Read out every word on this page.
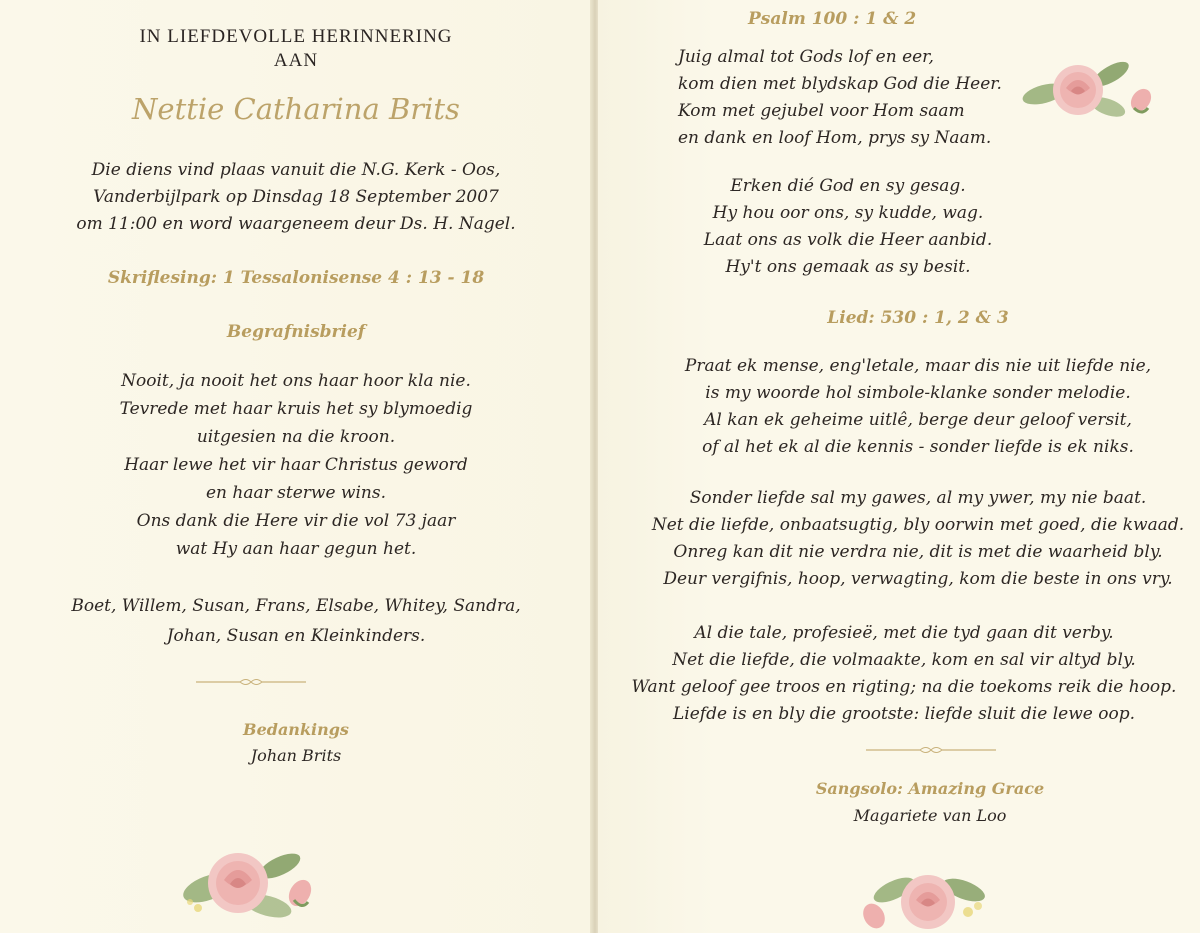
IN LIEFDEVOLLE HERINNERING
AAN
Nettie Catharina Brits
Die diens vind plaas vanuit die N.G. Kerk - Oos,
Vanderbijlpark op Dinsdag 18 September 2007
om 11:00 en word waargeneem deur Ds. H. Nagel.
Skriflesing: 1 Tessalonisense 4 : 13 - 18
Begrafnisbrief
Nooit, ja nooit het ons haar hoor kla nie.
Tevrede met haar kruis het sy blymoedig
uitgesien na die kroon.
Haar lewe het vir haar Christus geword
en haar sterwe wins.
Ons dank die Here vir die vol 73 jaar
wat Hy aan haar gegun het.
Boet, Willem, Susan, Frans, Elsabe, Whitey, Sandra,
Johan, Susan en Kleinkinders.
Bedankings
Johan Brits
Psalm 100 : 1 & 2
Juig almal tot Gods lof en eer,
kom dien met blydskap God die Heer.
Kom met gejubel voor Hom saam
en dank en loof Hom, prys sy Naam.
Erken dié God en sy gesag.
Hy hou oor ons, sy kudde, wag.
Laat ons as volk die Heer aanbid.
Hy't ons gemaak as sy besit.
Lied: 530 : 1, 2 & 3
Praat ek mense, eng'letale, maar dis nie uit liefde nie,
is my woorde hol simbole-klanke sonder melodie.
Al kan ek geheime uitlê, berge deur geloof versit,
of al het ek al die kennis - sonder liefde is ek niks.
Sonder liefde sal my gawes, al my ywer, my nie baat.
Net die liefde, onbaatsugtig, bly oorwin met goed, die kwaad.
Onreg kan dit nie verdra nie, dit is met die waarheid bly.
Deur vergifnis, hoop, verwagting, kom die beste in ons vry.
Al die tale, profesieë, met die tyd gaan dit verby.
Net die liefde, die volmaakte, kom en sal vir altyd bly.
Want geloof gee troos en rigting; na die toekoms reik die hoop.
Liefde is en bly die grootste: liefde sluit die lewe oop.
Sangsolo: Amazing Grace
Magariete van Loo
